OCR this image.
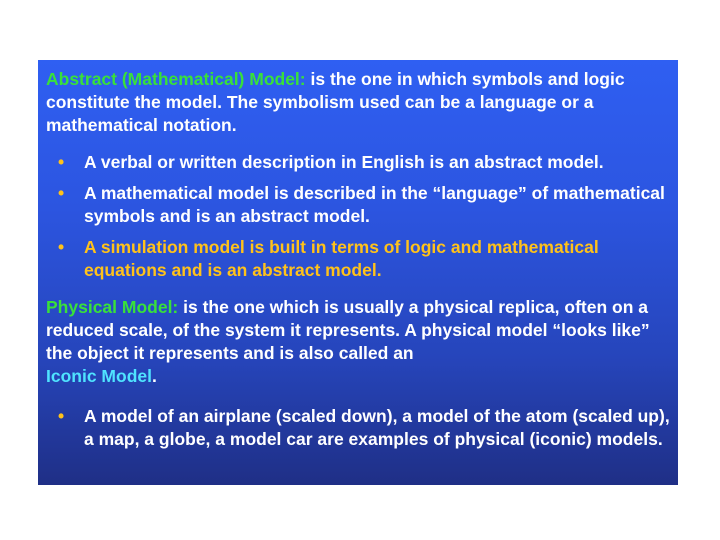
Abstract (Mathematical) Model: is the one in which symbols and logic constitute the model. The symbolism used can be a language or a mathematical notation.
• A verbal or written description in English is an abstract model.
• A mathematical model is described in the “language” of mathematical symbols and is an abstract model.
• A simulation model is built in terms of logic and mathematical equations and is an abstract model.
Physical Model: is the one which is usually a physical replica, often on a reduced scale, of the system it represents. A physical model “looks like” the object it represents and is also called an
Iconic Model.
• A model of an airplane (scaled down), a model of the atom (scaled up), a map, a globe, a model car are examples of physical (iconic) models.
